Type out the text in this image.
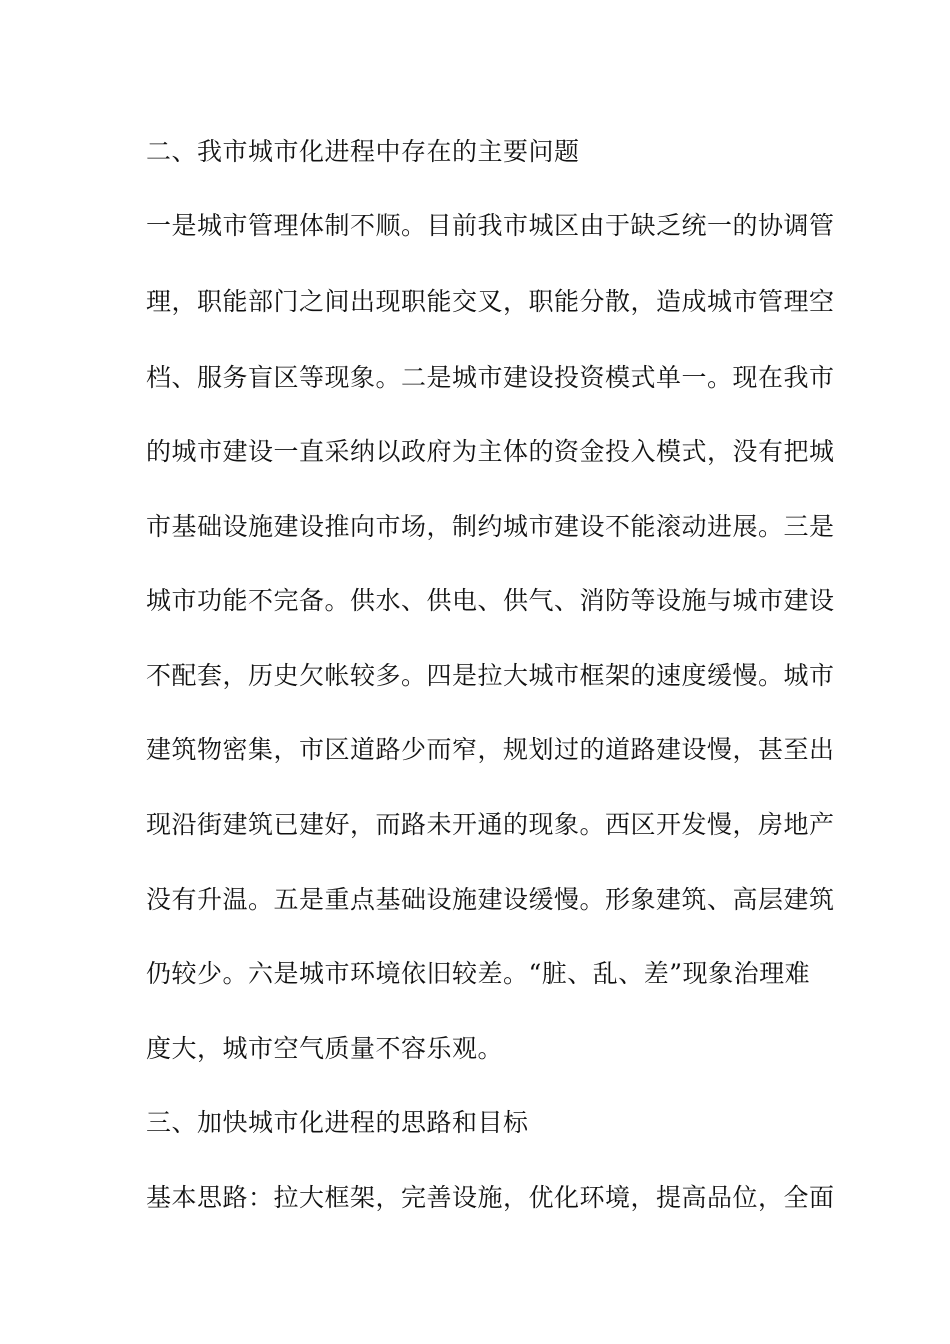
二、我市城市化进程中存在的主要问题
一是城市管理体制不顺。目前我市城区由于缺乏统一的协调管
理，职能部门之间出现职能交叉，职能分散，造成城市管理空
档、服务盲区等现象。二是城市建设投资模式单一。现在我市
的城市建设一直采纳以政府为主体的资金投入模式，没有把城
市基础设施建设推向市场，制约城市建设不能滚动进展。三是
城市功能不完备。供水、供电、供气、消防等设施与城市建设
不配套，历史欠帐较多。四是拉大城市框架的速度缓慢。城市
建筑物密集，市区道路少而窄，规划过的道路建设慢，甚至出
现沿街建筑已建好，而路未开通的现象。西区开发慢，房地产
没有升温。五是重点基础设施建设缓慢。形象建筑、高层建筑
仍较少。六是城市环境依旧较差。“脏、乱、差”现象治理难
度大，城市空气质量不容乐观。
三、加快城市化进程的思路和目标
基本思路：拉大框架，完善设施，优化环境，提高品位，全面
